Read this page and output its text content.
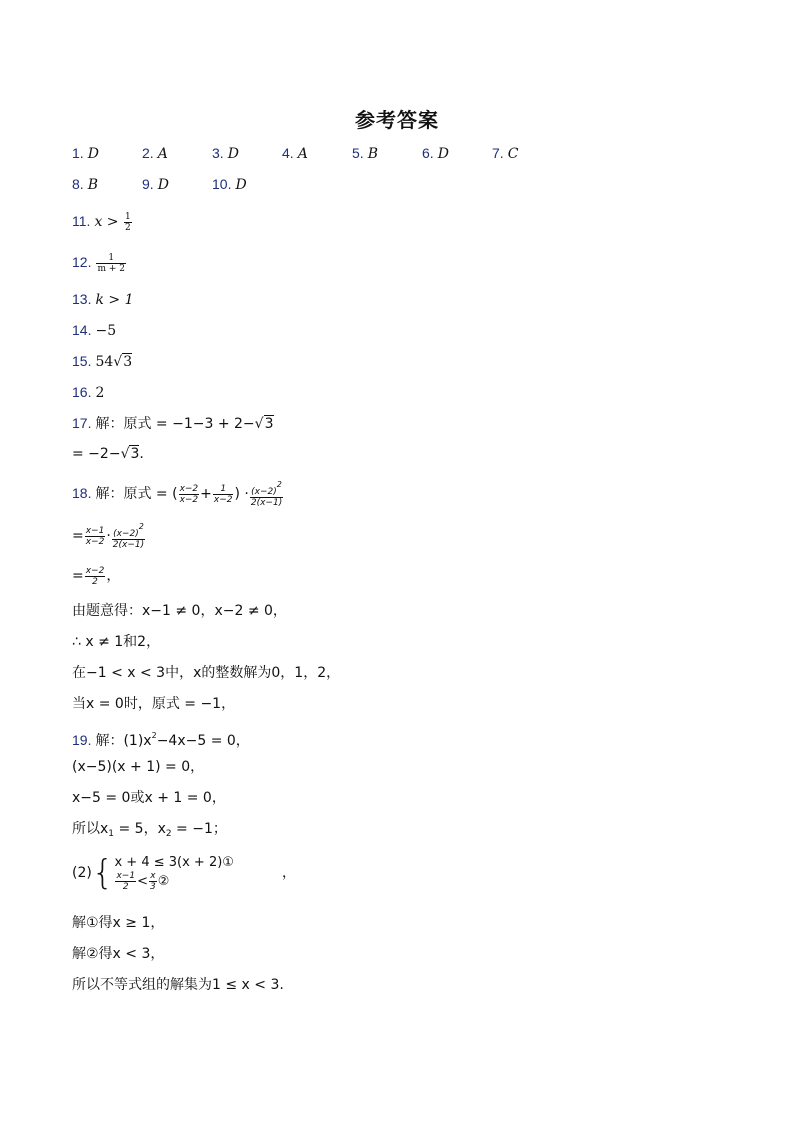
参考答案
1. D	2. A	3. D	4. A	5. B	6. D	7. C
8. B	9. D	10. D
11. $x > \frac{1}{2}$
12. $\frac{1}{m + 2}$
13. k > 1
14. −5
15. 54√3
16. 2
17. 解：原式 = −1−3 + 2−√3
= −2−√3.
18. 解：原式 = ( $\frac{x-2}{x-2} + \frac{1}{x-2}$ ) · $\frac{(x-2)2}{2(x-1)}$
= $\frac{x-1}{x-2} \cdot \frac{(x-2)2}{2(x-1)}$
= $\frac{x-2}{2}$ ，
由题意得：x−1 ≠ 0，x−2 ≠ 0，
∴ x ≠ 1和2，
在−1 < x < 3中，x的整数解为0，1，2，
当x = 0时，原式 = −1，
19. 解：$(1)x^2-4x-5 = 0$，
(x−5)(x + 1) = 0，
x−5 = 0或x + 1 = 0，
所以$x_1 = 5$，$x_2 = -1$；
(2){ x + 4 ≤ 3(x + 2)①
$\frac{x-1}{2} < \frac{x}{3}$ ②
，
解①得x ≥ 1，
解②得x < 3，
所以不等式组的解集为1 ≤ x < 3.
